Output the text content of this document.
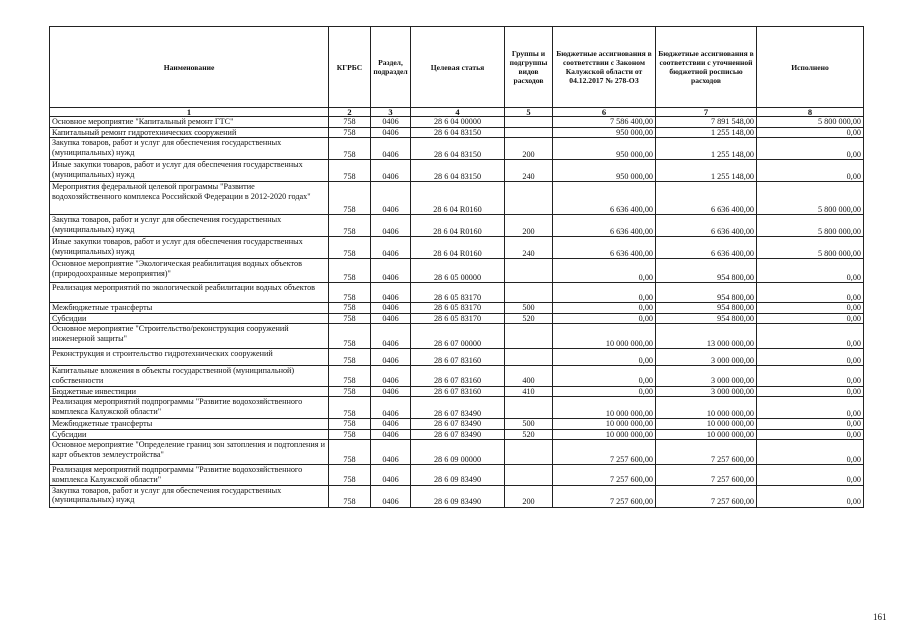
Наименование	КГРБС	Раздел, подраздел	Целевая статья	Группы и подгруппы видов расходов	Бюджетные ассигнования в соответствии с Законом Калужской области от 04.12.2017 № 278-ОЗ	Бюджетные ассигнования в соответствии с уточненной бюджетной росписью расходов	Исполнено
1	2	3	4	5	6	7	8
Основное мероприятие "Капитальный ремонт ГТС"	758	0406	28 6 04 00000		7 586 400,00	7 891 548,00	5 800 000,00
Капитальный ремонт гидротехнических сооружений	758	0406	28 6 04 83150		950 000,00	1 255 148,00	0,00
Закупка товаров, работ и услуг для обеспечения государственных (муниципальных) нужд	758	0406	28 6 04 83150	200	950 000,00	1 255 148,00	0,00
Иные закупки товаров, работ и услуг для обеспечения государственных (муниципальных) нужд	758	0406	28 6 04 83150	240	950 000,00	1 255 148,00	0,00
Мероприятия федеральной целевой программы "Развитие водохозяйственного комплекса Российской Федерации в 2012-2020 годах"	758	0406	28 6 04 R0160		6 636 400,00	6 636 400,00	5 800 000,00
Закупка товаров, работ и услуг для обеспечения государственных (муниципальных) нужд	758	0406	28 6 04 R0160	200	6 636 400,00	6 636 400,00	5 800 000,00
Иные закупки товаров, работ и услуг для обеспечения государственных (муниципальных) нужд	758	0406	28 6 04 R0160	240	6 636 400,00	6 636 400,00	5 800 000,00
Основное мероприятие "Экологическая реабилитация водных объектов (природоохранные мероприятия)"	758	0406	28 6 05 00000		0,00	954 800,00	0,00
Реализация мероприятий по экологической реабилитации водных объектов	758	0406	28 6 05 83170		0,00	954 800,00	0,00
Межбюджетные трансферты	758	0406	28 6 05 83170	500	0,00	954 800,00	0,00
Субсидии	758	0406	28 6 05 83170	520	0,00	954 800,00	0,00
Основное мероприятие "Строительство/реконструкция сооружений инженерной защиты"	758	0406	28 6 07 00000		10 000 000,00	13 000 000,00	0,00
Реконструкция и строительство гидротехнических сооружений	758	0406	28 6 07 83160		0,00	3 000 000,00	0,00
Капитальные вложения в объекты государственной (муниципальной) собственности	758	0406	28 6 07 83160	400	0,00	3 000 000,00	0,00
Бюджетные инвестиции	758	0406	28 6 07 83160	410	0,00	3 000 000,00	0,00
Реализация мероприятий подпрограммы "Развитие водохозяйственного комплекса Калужской области"	758	0406	28 6 07 83490		10 000 000,00	10 000 000,00	0,00
Межбюджетные трансферты	758	0406	28 6 07 83490	500	10 000 000,00	10 000 000,00	0,00
Субсидии	758	0406	28 6 07 83490	520	10 000 000,00	10 000 000,00	0,00
Основное мероприятие "Определение границ зон затопления и подтопления и карт объектов землеустройства"	758	0406	28 6 09 00000		7 257 600,00	7 257 600,00	0,00
Реализация мероприятий подпрограммы "Развитие водохозяйственного комплекса Калужской области"	758	0406	28 6 09 83490		7 257 600,00	7 257 600,00	0,00
Закупка товаров, работ и услуг для обеспечения государственных (муниципальных) нужд	758	0406	28 6 09 83490	200	7 257 600,00	7 257 600,00	0,00
161
